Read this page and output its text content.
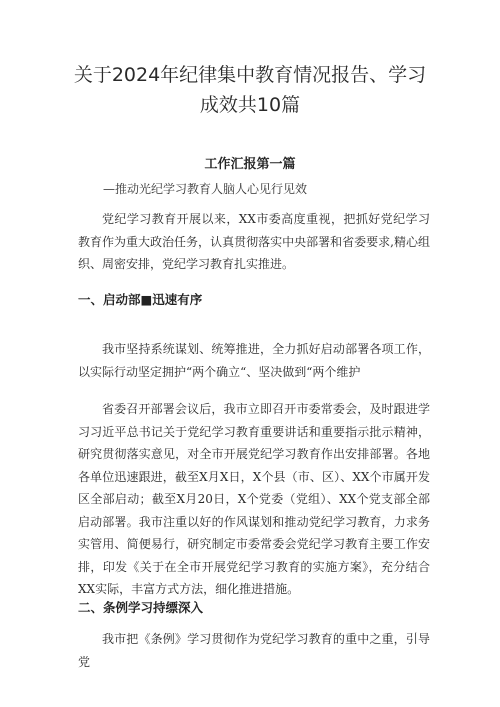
关于2024年纪律集中教育情况报告、学习
成效共10篇
工作汇报第一篇

—推动光纪学习教育人脑人心见行见效

党纪学习教育开展以来，XX市委高度重视，把抓好党纪学习教育作为重大政治任务，认真贯彻落实中央部署和省委要求,精心组织、周密安排，党纪学习教育扎实推进。

一、启动部■迅速有序

我市坚持系统谋划、统筹推进，全力抓好启动部署各项工作，以实际行动坚定拥护“两个确立“、坚决做到“两个维护

省委召开部署会议后，我市立即召开市委常委会，及时跟进学习习近平总书记关于党纪学习教育重要讲话和重要指示批示精神，研究贯彻落实意见，对全市开展党纪学习教育作出安排部署。各地各单位迅速跟进，截至X月X日，X个县（市、区）、XX个市属开发区全部启动；截至X月20日，X个党委（党组）、XX个党支部全部启动部署。我市注重以好的作风谋划和推动党纪学习教育，力求务实管用、简便易行，研究制定市委常委会党纪学习教育主要工作安排，印发《关于在全市开展党纪学习教育的实施方案》，充分结合XX实际，丰富方式方法，细化推进措施。

二、条例学习持缥深入

我市把《条例》学习贯彻作为党纪学习教育的重中之重，引导党
